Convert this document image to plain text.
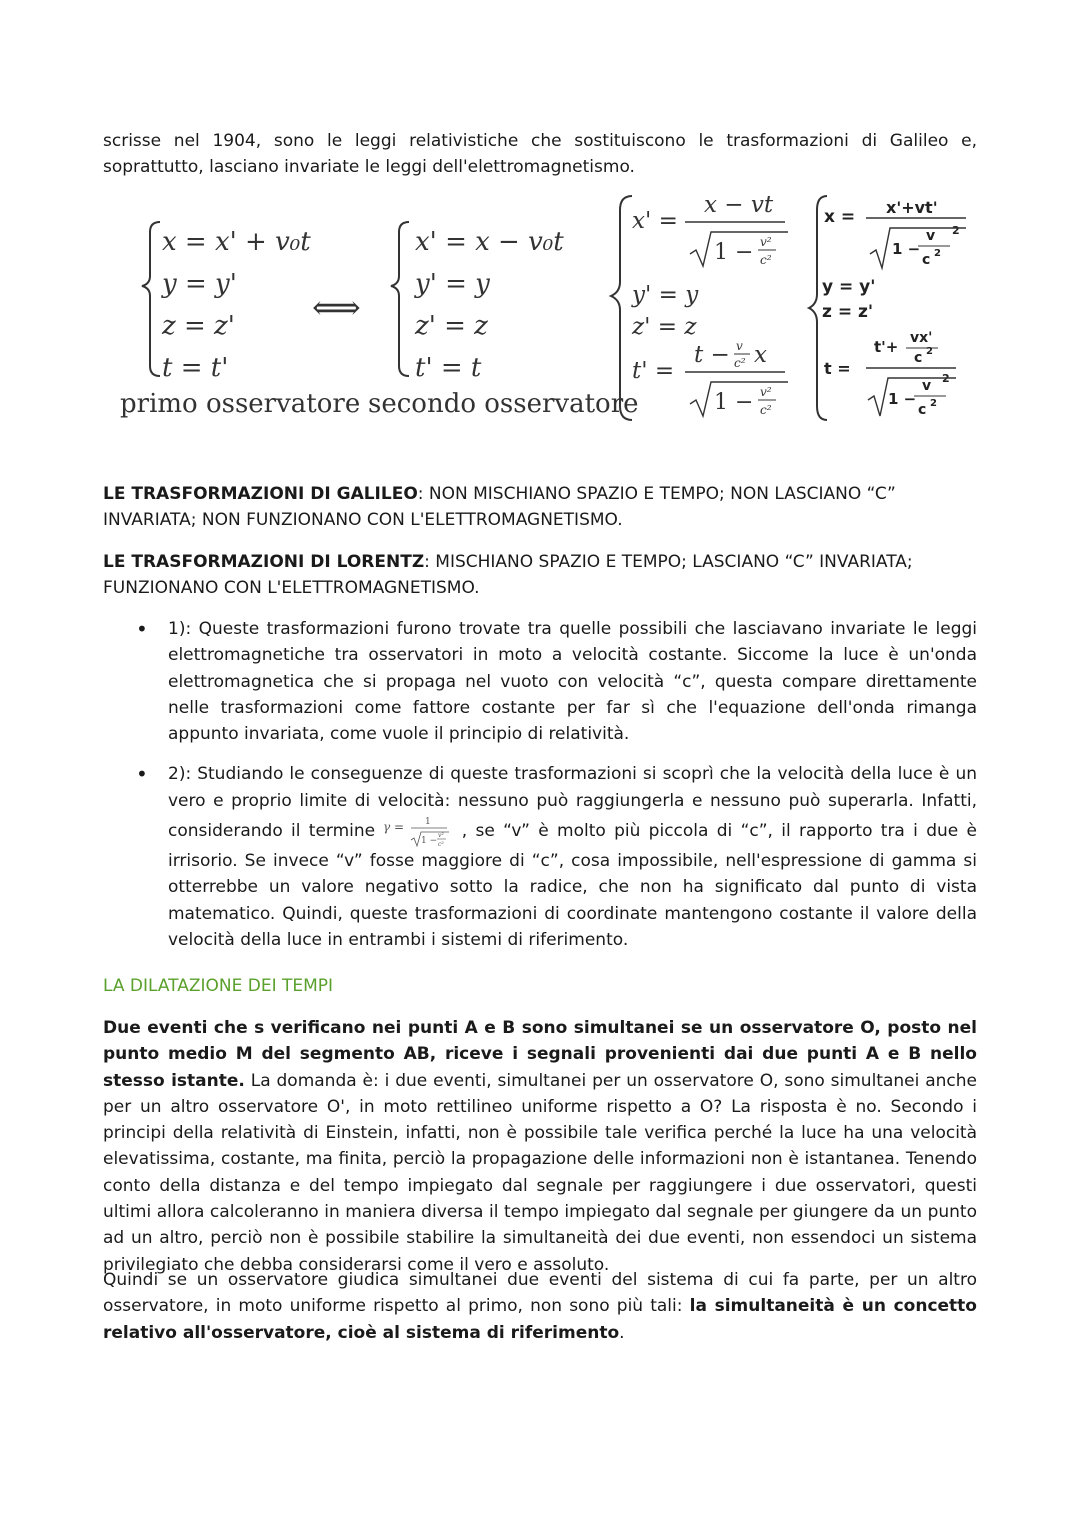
scrisse nel 1904, sono le leggi relativistiche che sostituiscono le trasformazioni di Galileo e, soprattutto, lasciano invariate le leggi dell'elettromagnetismo.

x = x' + v₀t
y = y'
z = z'
t = t'
primo osservatore
⟺
x' = x − v₀t
y' = y
z' = z
t' = t
secondo osservatore
x' =
x − vt
1 − v²
c²
y' = y
z' = z
t' =
t − v
c² x
1 − v²
c²
x = x'+vt'
2
1 −
v
c 2
y = y'
z = z'
t =
t'+ vx'
c 2
2
1 −
v
c 2

LE TRASFORMAZIONI DI GALILEO: NON MISCHIANO SPAZIO E TEMPO; NON LASCIANO “C” INVARIATA; NON FUNZIONANO CON L'ELETTROMAGNETISMO.

LE TRASFORMAZIONI DI LORENTZ: MISCHIANO SPAZIO E TEMPO; LASCIANO “C” INVARIATA; FUNZIONANO CON L'ELETTROMAGNETISMO.

• 1): Queste trasformazioni furono trovate tra quelle possibili che lasciavano invariate le leggi elettromagnetiche tra osservatori in moto a velocità costante. Siccome la luce è un'onda elettromagnetica che si propaga nel vuoto con velocità “c”, questa compare direttamente nelle trasformazioni come fattore costante per far sì che l'equazione dell'onda rimanga appunto invariata, come vuole il principio di relatività.
• 2): Studiando le conseguenze di queste trasformazioni si scoprì che la velocità della luce è un vero e proprio limite di velocità: nessuno può raggiungerla e nessuno può superarla. Infatti, considerando il termine γ = 1
1 −
v²
c²
, se “v” è molto più piccola di “c”, il rapporto tra i due è irrisorio. Se invece “v” fosse maggiore di “c”, cosa impossibile, nell'espressione di gamma si otterrebbe un valore negativo sotto la radice, che non ha significato dal punto di vista matematico. Quindi, queste trasformazioni di coordinate mantengono costante il valore della velocità della luce in entrambi i sistemi di riferimento.
LA DILATAZIONE DEI TEMPI

Due eventi che s verificano nei punti A e B sono simultanei se un osservatore O, posto nel punto medio M del segmento AB, riceve i segnali provenienti dai due punti A e B nello stesso istante. La domanda è: i due eventi, simultanei per un osservatore O, sono simultanei anche per un altro osservatore O', in moto rettilineo uniforme rispetto a O? La risposta è no. Secondo i principi della relatività di Einstein, infatti, non è possibile tale verifica perché la luce ha una velocità elevatissima, costante, ma finita, perciò la propagazione delle informazioni non è istantanea. Tenendo conto della distanza e del tempo impiegato dal segnale per raggiungere i due osservatori, questi ultimi allora calcoleranno in maniera diversa il tempo impiegato dal segnale per giungere da un punto ad un altro, perciò non è possibile stabilire la simultaneità dei due eventi, non essendoci un sistema privilegiato che debba considerarsi come il vero e assoluto.

Quindi se un osservatore giudica simultanei due eventi del sistema di cui fa parte, per un altro osservatore, in moto uniforme rispetto al primo, non sono più tali: la simultaneità è un concetto relativo all'osservatore, cioè al sistema di riferimento.
